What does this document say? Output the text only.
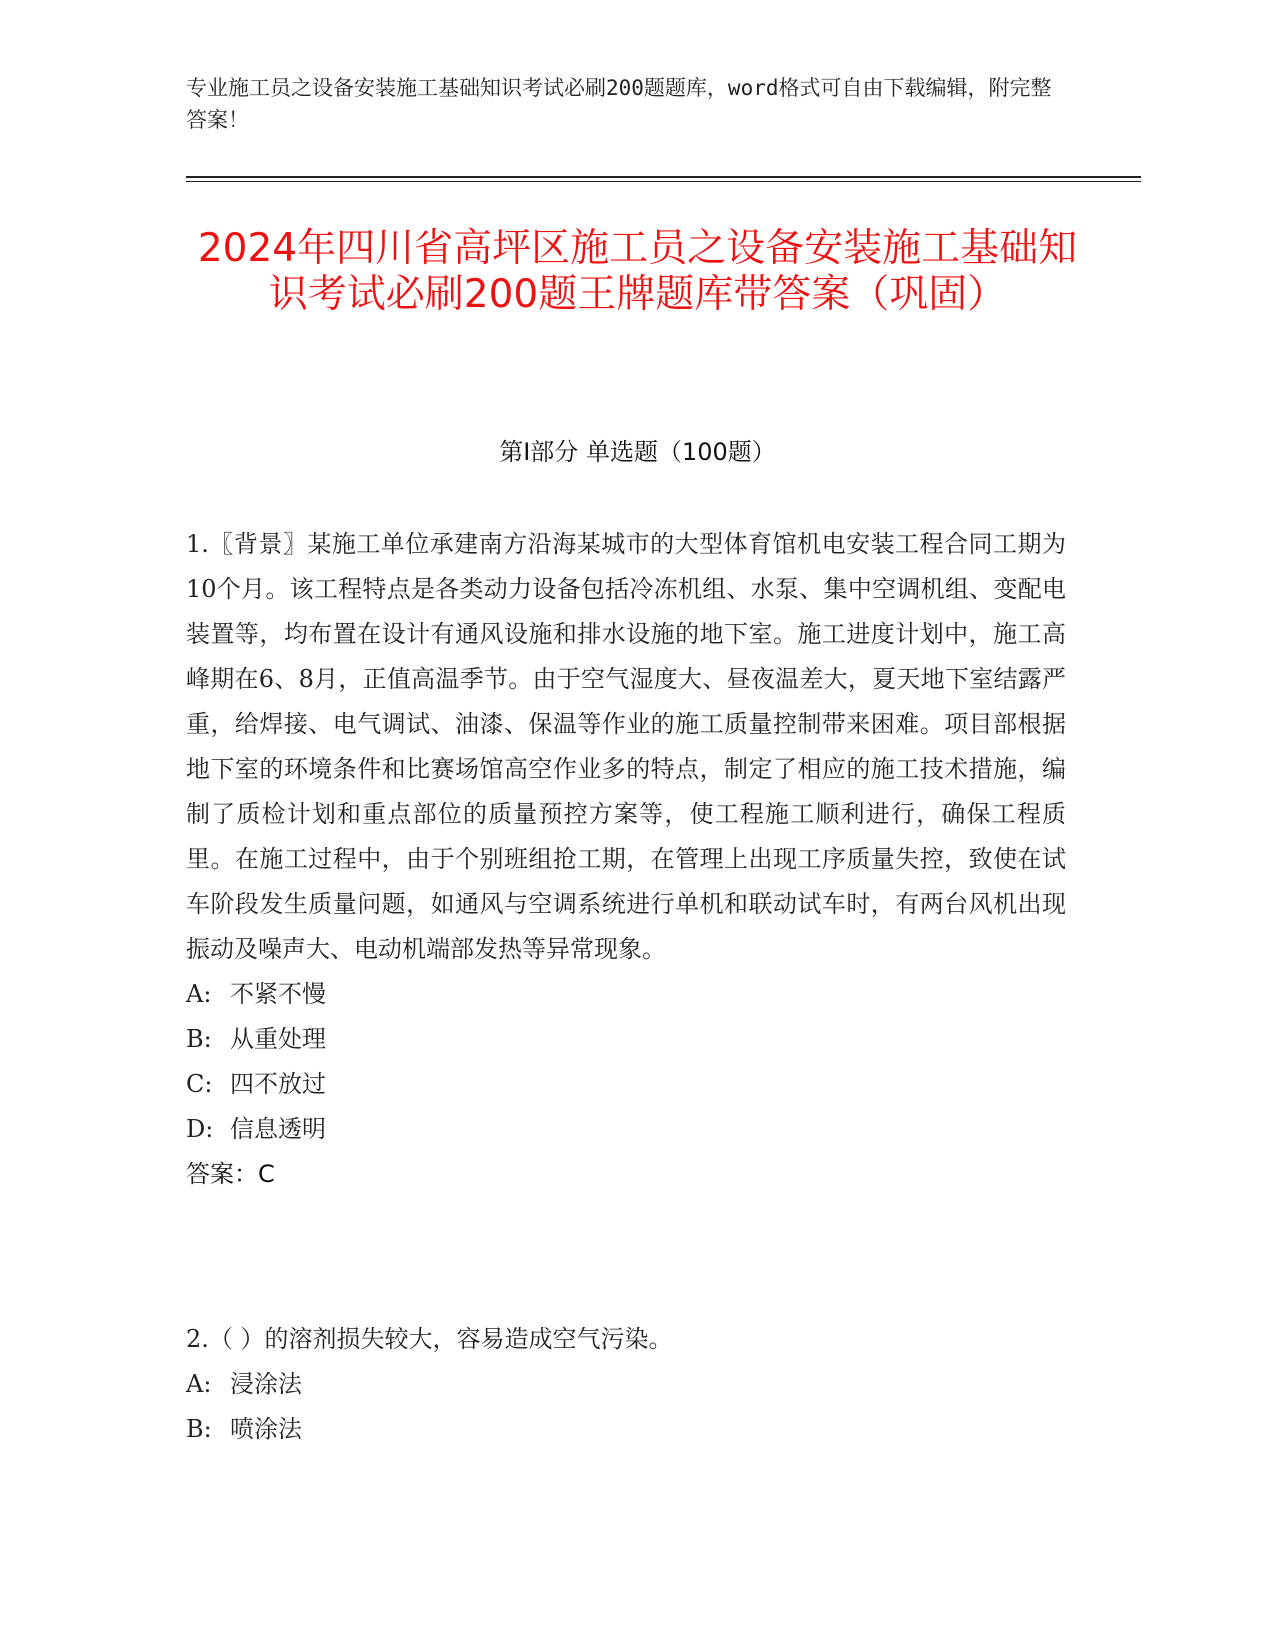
专业施工员之设备安装施工基础知识考试必刷200题题库，word格式可自由下载编辑，附完整答案！
2024年四川省高坪区施工员之设备安装施工基础知识考试必刷200题王牌题库带答案（巩固）
第I部分 单选题（100题）

1.〖背景〗某施工单位承建南方沿海某城市的大型体育馆机电安装工程合同工期为10个月。该工程特点是各类动力设备包括冷冻机组、水泵、集中空调机组、变配电装置等，均布置在设计有通风设施和排水设施的地下室。施工进度计划中，施工高峰期在6、8月，正值高温季节。由于空气湿度大、昼夜温差大，夏天地下室结露严重，给焊接、电气调试、油漆、保温等作业的施工质量控制带来困难。项目部根据地下室的环境条件和比赛场馆高空作业多的特点，制定了相应的施工技术措施，编制了质检计划和重点部位的质量预控方案等，使工程施工顺利进行，确保工程质里。在施工过程中，由于个别班组抢工期，在管理上出现工序质量失控，致使在试车阶段发生质量问题，如通风与空调系统进行单机和联动试车时，有两台风机出现振动及噪声大、电动机端部发热等异常现象。

A: 不紧不慢

B: 从重处理

C: 四不放过

D: 信息透明

答案：C

2.（ ）的溶剂损失较大，容易造成空气污染。

A: 浸涂法

B: 喷涂法
